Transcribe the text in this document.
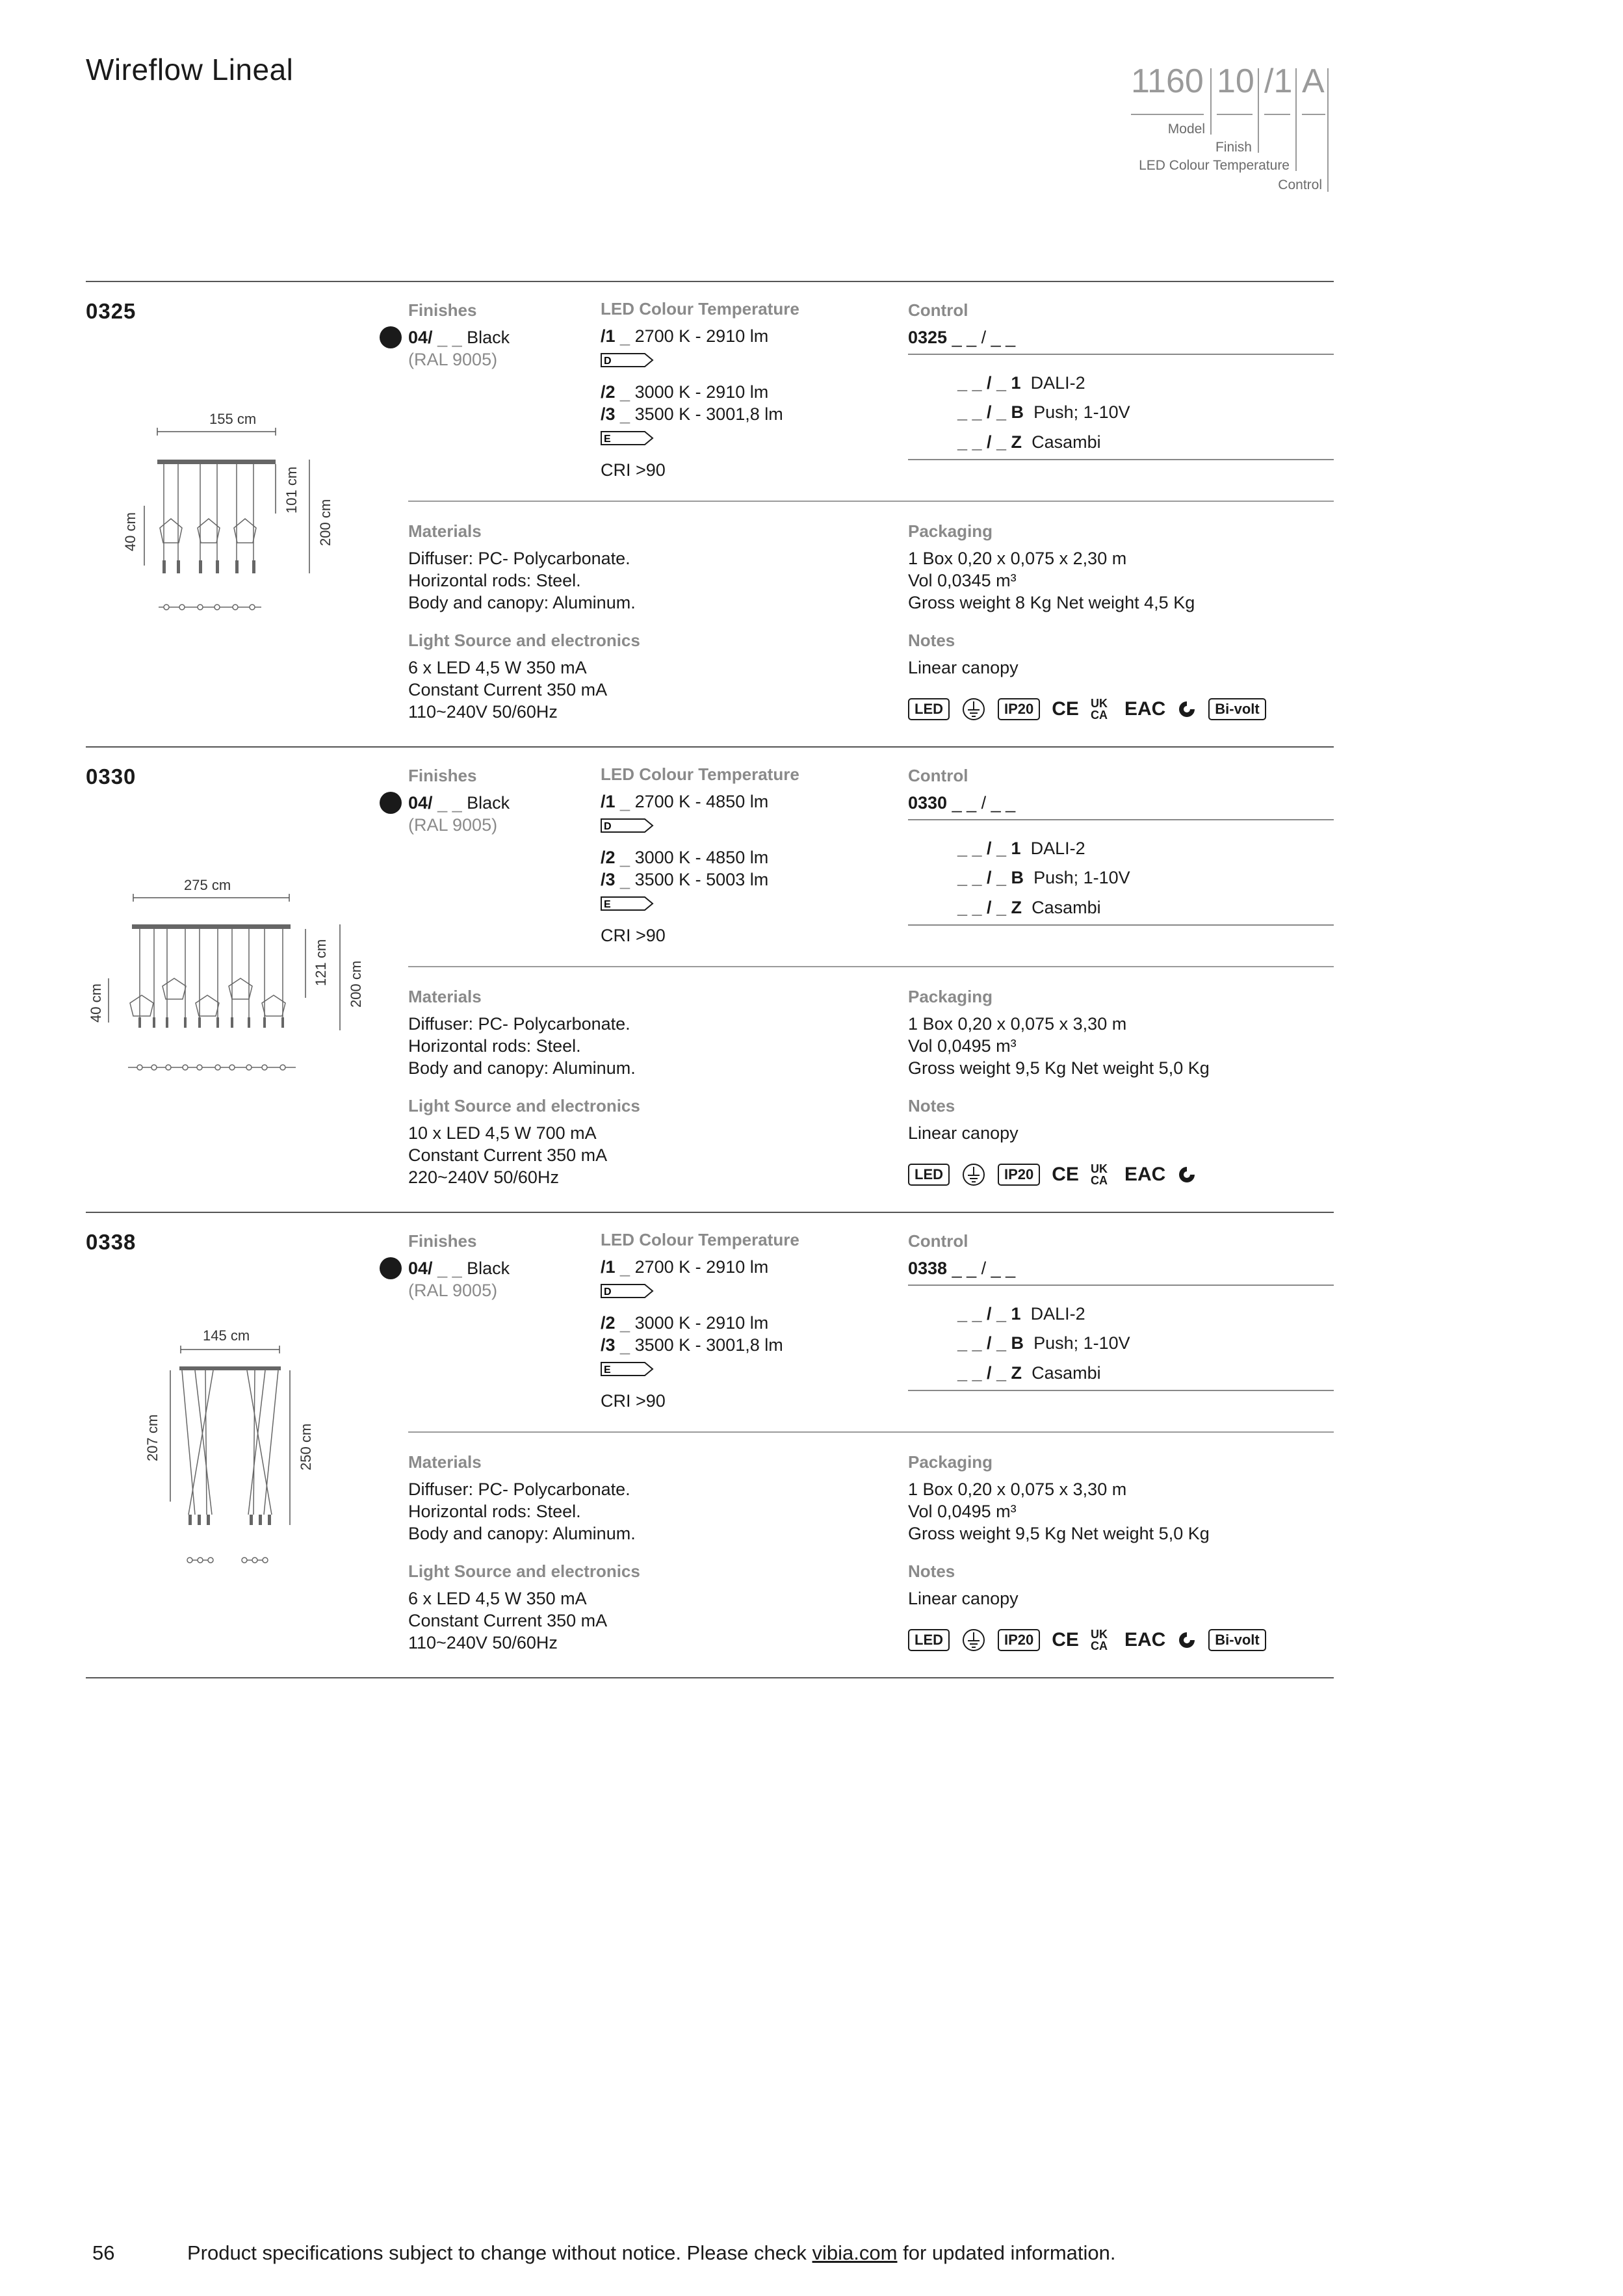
Wireflow Lineal	1160 10 /1 A
Model
Finish
LED Colour Temperature
Control
0325
155 cm
40 cm
101 cm
200 cm
Finishes
04/ _ _ Black
(RAL 9005)
LED Colour Temperature
/1 _ 2700 K - 2910 lm
D
/2 _ 3000 K - 2910 lm
/3 _ 3500 K - 3001,8 lm
E
CRI >90
Control
0325 _ _ / _ _
_ _ / _ 1 DALI-2
_ _ / _ B Push; 1-10V
_ _ / _ Z Casambi
Materials
Diffuser: PC- Polycarbonate.
Horizontal rods: Steel.
Body and canopy: Aluminum.
Light Source and electronics
6 x LED 4,5 W 350 mA
Constant Current 350 mA
110~240V 50/60Hz
Packaging
1 Box 0,20 x 0,075 x 2,30 m
Vol 0,0345 m³
Gross weight 8 Kg Net weight 4,5 Kg
Notes
Linear canopy
LED	IP20 CE UK CA EAC	Bi-volt
0330
275 cm
40 cm
121 cm 200 cm
Finishes
04/ _ _ Black
(RAL 9005)
LED Colour Temperature
/1 _ 2700 K - 4850 lm
D
/2 _ 3000 K - 4850 lm
/3 _ 3500 K - 5003 lm
E
CRI >90
Control
0330 _ _ / _ _
_ _ / _ 1 DALI-2
_ _ / _ B Push; 1-10V
_ _ / _ Z Casambi
Materials
Diffuser: PC- Polycarbonate.
Horizontal rods: Steel.
Body and canopy: Aluminum.
Light Source and electronics
10 x LED 4,5 W 700 mA
Constant Current 350 mA
220~240V 50/60Hz
Packaging
1 Box 0,20 x 0,075 x 3,30 m
Vol 0,0495 m³
Gross weight 9,5 Kg Net weight 5,0 Kg
Notes
Linear canopy
LED	IP20 CE UK CA EAC
0338
145 cm
207 cm	250 cm
Finishes
04/ _ _ Black
(RAL 9005)
LED Colour Temperature
/1 _ 2700 K - 2910 lm
D
/2 _ 3000 K - 2910 lm
/3 _ 3500 K - 3001,8 lm
E
CRI >90
Control
0338 _ _ / _ _
_ _ / _ 1 DALI-2
_ _ / _ B Push; 1-10V
_ _ / _ Z Casambi
Materials
Diffuser: PC- Polycarbonate.
Horizontal rods: Steel.
Body and canopy: Aluminum.
Light Source and electronics
6 x LED 4,5 W 350 mA
Constant Current 350 mA
110~240V 50/60Hz
Packaging
1 Box 0,20 x 0,075 x 3,30 m
Vol 0,0495 m³
Gross weight 9,5 Kg Net weight 5,0 Kg
Notes
Linear canopy
LED	IP20 CE UK CA EAC	Bi-volt
56	Product specifications subject to change without notice. Please check vibia.com for updated information.
